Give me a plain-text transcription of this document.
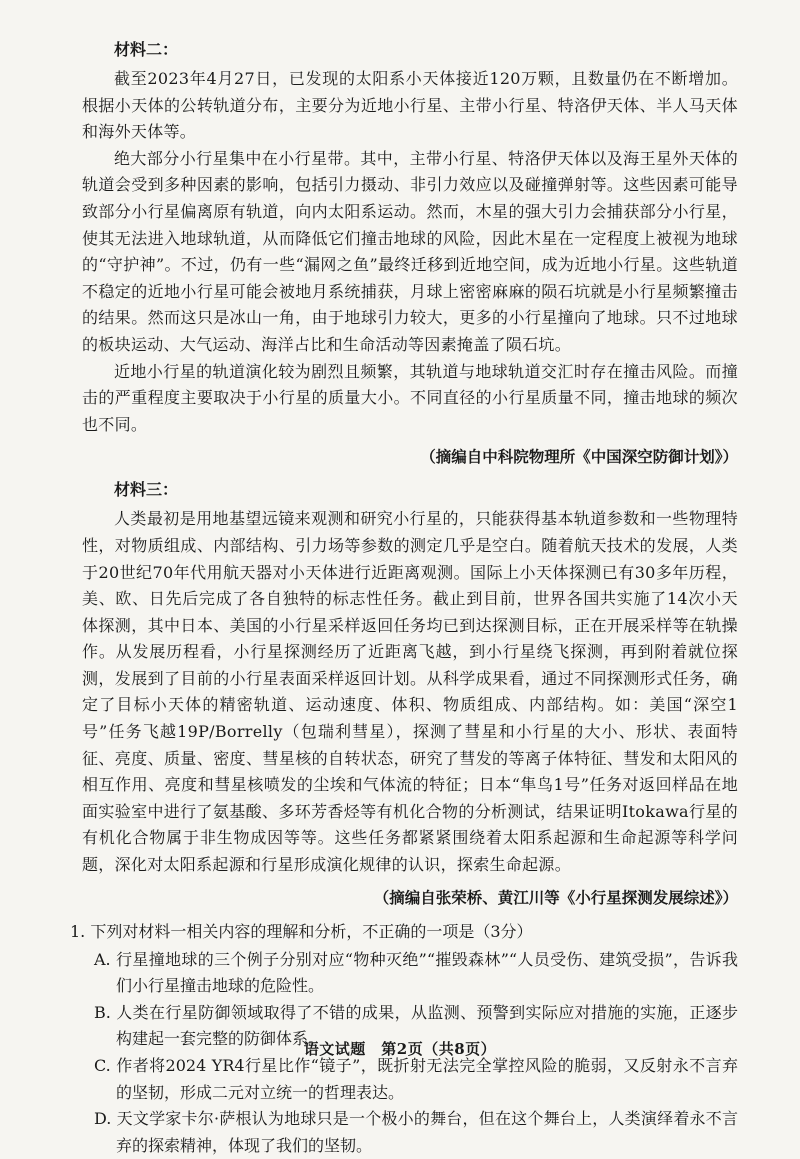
材料二：

截至2023年4月27日，已发现的太阳系小天体接近120万颗，且数量仍在不断增加。根据小天体的公转轨道分布，主要分为近地小行星、主带小行星、特洛伊天体、半人马天体和海外天体等。

绝大部分小行星集中在小行星带。其中，主带小行星、特洛伊天体以及海王星外天体的轨道会受到多种因素的影响，包括引力摄动、非引力效应以及碰撞弹射等。这些因素可能导致部分小行星偏离原有轨道，向内太阳系运动。然而，木星的强大引力会捕获部分小行星，使其无法进入地球轨道，从而降低它们撞击地球的风险，因此木星在一定程度上被视为地球的“守护神”。不过，仍有一些“漏网之鱼”最终迁移到近地空间，成为近地小行星。这些轨道不稳定的近地小行星可能会被地月系统捕获，月球上密密麻麻的陨石坑就是小行星频繁撞击的结果。然而这只是冰山一角，由于地球引力较大，更多的小行星撞向了地球。只不过地球的板块运动、大气运动、海洋占比和生命活动等因素掩盖了陨石坑。

近地小行星的轨道演化较为剧烈且频繁，其轨道与地球轨道交汇时存在撞击风险。而撞击的严重程度主要取决于小行星的质量大小。不同直径的小行星质量不同，撞击地球的频次也不同。

（摘编自中科院物理所《中国深空防御计划》）
材料三：

人类最初是用地基望远镜来观测和研究小行星的，只能获得基本轨道参数和一些物理特性，对物质组成、内部结构、引力场等参数的测定几乎是空白。随着航天技术的发展，人类于20世纪70年代用航天器对小天体进行近距离观测。国际上小天体探测已有30多年历程，美、欧、日先后完成了各自独特的标志性任务。截止到目前，世界各国共实施了14次小天体探测，其中日本、美国的小行星采样返回任务均已到达探测目标，正在开展采样等在轨操作。从发展历程看，小行星探测经历了近距离飞越，到小行星绕飞探测，再到附着就位探测，发展到了目前的小行星表面采样返回计划。从科学成果看，通过不同探测形式任务，确定了目标小天体的精密轨道、运动速度、体积、物质组成、内部结构。如：美国“深空1号”任务飞越19P/Borrelly（包瑞利彗星），探测了彗星和小行星的大小、形状、表面特征、亮度、质量、密度、彗星核的自转状态，研究了彗发的等离子体特征、彗发和太阳风的相互作用、亮度和彗星核喷发的尘埃和气体流的特征；日本“隼鸟1号”任务对返回样品在地面实验室中进行了氨基酸、多环芳香烃等有机化合物的分析测试，结果证明Itokawa行星的有机化合物属于非生物成因等等。这些任务都紧紧围绕着太阳系起源和生命起源等科学问题，深化对太阳系起源和行星形成演化规律的认识，探索生命起源。

（摘编自张荣桥、黄江川等《小行星探测发展综述》）
1. 下列对材料一相关内容的理解和分析，不正确的一项是（3分）
A. 行星撞地球的三个例子分别对应“物种灭绝”“摧毁森林”“人员受伤、建筑受损”，告诉我们小行星撞击地球的危险性。
B. 人类在行星防御领域取得了不错的成果，从监测、预警到实际应对措施的实施，正逐步构建起一套完整的防御体系。
C. 作者将2024 YR4行星比作“镜子”，既折射无法完全掌控风险的脆弱，又反射永不言弃的坚韧，形成二元对立统一的哲理表达。
D. 天文学家卡尔·萨根认为地球只是一个极小的舞台，但在这个舞台上，人类演绎着永不言弃的探索精神，体现了我们的坚韧。
语文试题　第2页（共8页）
